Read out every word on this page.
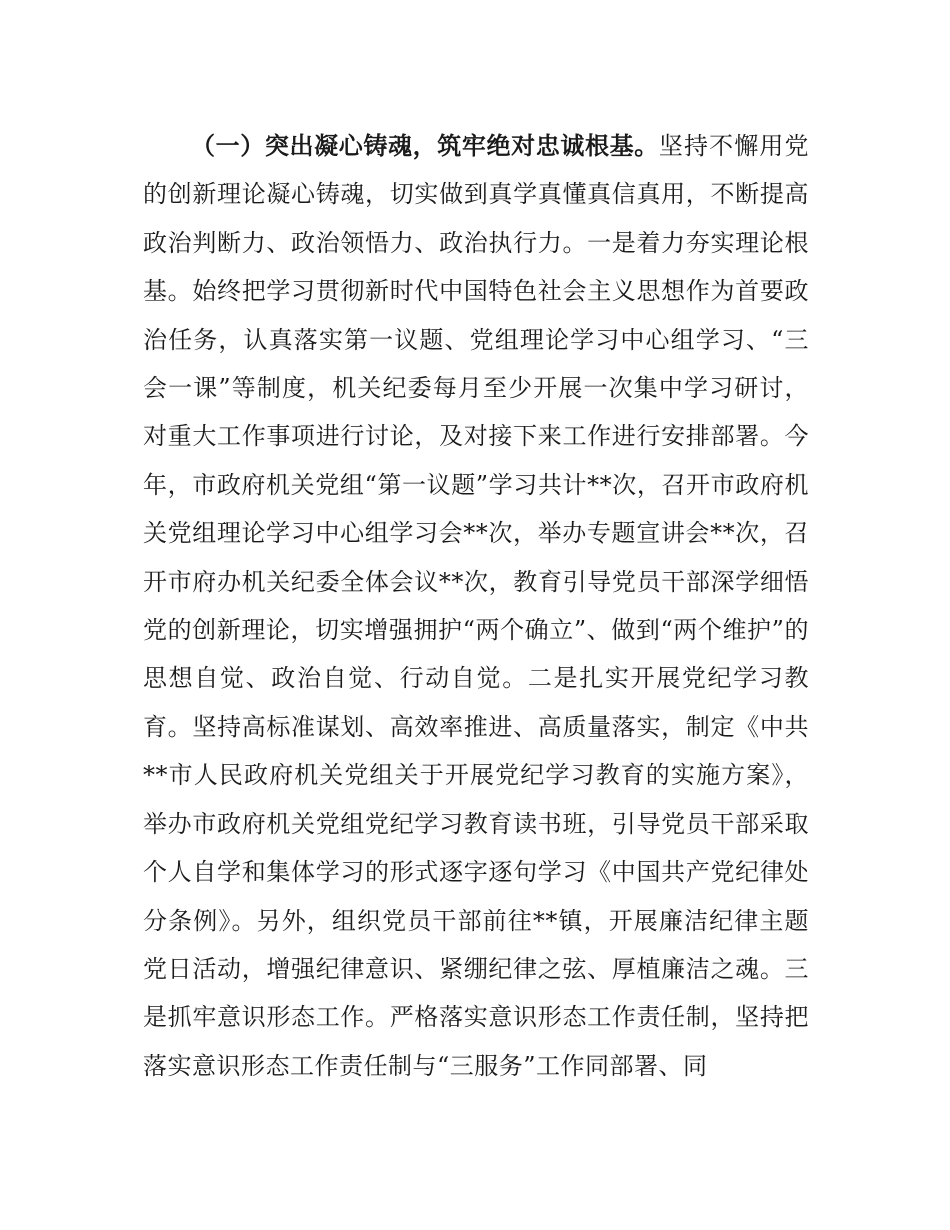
（一）突出凝心铸魂，筑牢绝对忠诚根基。坚持不懈用党的创新理论凝心铸魂，切实做到真学真懂真信真用，不断提高政治判断力、政治领悟力、政治执行力。一是着力夯实理论根基。始终把学习贯彻新时代中国特色社会主义思想作为首要政治任务，认真落实第一议题、党组理论学习中心组学习、“三会一课”等制度，机关纪委每月至少开展一次集中学习研讨，对重大工作事项进行讨论，及对接下来工作进行安排部署。今年，市政府机关党组“第一议题”学习共计**次，召开市政府机关党组理论学习中心组学习会**次，举办专题宣讲会**次，召开市府办机关纪委全体会议**次，教育引导党员干部深学细悟党的创新理论，切实增强拥护“两个确立”、做到“两个维护”的思想自觉、政治自觉、行动自觉。二是扎实开展党纪学习教育。坚持高标准谋划、高效率推进、高质量落实，制定《中共**市人民政府机关党组关于开展党纪学习教育的实施方案》，举办市政府机关党组党纪学习教育读书班，引导党员干部采取个人自学和集体学习的形式逐字逐句学习《中国共产党纪律处分条例》。另外，组织党员干部前往**镇，开展廉洁纪律主题党日活动，增强纪律意识、紧绷纪律之弦、厚植廉洁之魂。三是抓牢意识形态工作。严格落实意识形态工作责任制，坚持把落实意识形态工作责任制与“三服务”工作同部署、同
